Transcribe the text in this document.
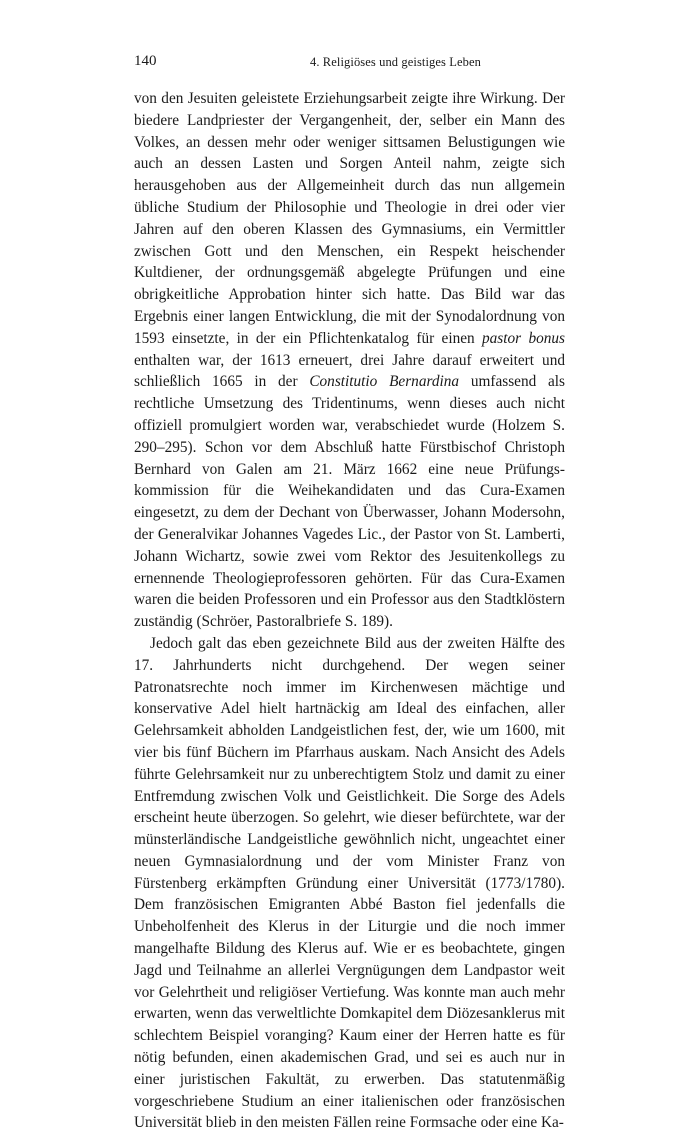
140	4. Religiöses und geistiges Leben

von den Jesuiten geleistete Erziehungsarbeit zeigte ihre Wirkung. Der biedere Landpriester der Vergangenheit, der, selber ein Mann des Volkes, an dessen mehr oder weniger sittsamen Belustigungen wie auch an dessen Lasten und Sorgen Anteil nahm, zeigte sich herausgehoben aus der Allgemeinheit durch das nun allgemein übliche Studium der Philosophie und Theologie in drei oder vier Jahren auf den oberen Klassen des Gymnasiums, ein Vermittler zwischen Gott und den Menschen, ein Respekt heischender Kultdiener, der ordnungsgemäß abgelegte Prüfungen und eine obrigkeitliche Approbation hinter sich hatte. Das Bild war das Ergebnis einer langen Entwicklung, die mit der Synodalordnung von 1593 einsetzte, in der ein Pflichtenkatalog für einen pastor bonus enthalten war, der 1613 erneuert, drei Jahre darauf erweitert und schließlich 1665 in der Constitutio Bernardina umfassend als rechtliche Umsetzung des Tridentinums, wenn dieses auch nicht offiziell promulgiert worden war, verabschiedet wurde (Holzem S. 290–295). Schon vor dem Abschluß hatte Fürstbischof Christoph Bernhard von Galen am 21. März 1662 eine neue Prüfungskommission für die Weihekandidaten und das Cura-Examen eingesetzt, zu dem der Dechant von Überwasser, Johann Modersohn, der Generalvikar Johannes Vagedes Lic., der Pastor von St. Lamberti, Johann Wichartz, sowie zwei vom Rektor des Jesuitenkollegs zu ernennende Theologieprofessoren gehörten. Für das Cura-Examen waren die beiden Professoren und ein Professor aus den Stadtklöstern zuständig (Schröer, Pastoralbriefe S. 189).

Jedoch galt das eben gezeichnete Bild aus der zweiten Hälfte des 17. Jahrhunderts nicht durchgehend. Der wegen seiner Patronatsrechte noch immer im Kirchenwesen mächtige und konservative Adel hielt hartnäckig am Ideal des einfachen, aller Gelehrsamkeit abholden Landgeistlichen fest, der, wie um 1600, mit vier bis fünf Büchern im Pfarrhaus auskam. Nach Ansicht des Adels führte Gelehrsamkeit nur zu unberechtigtem Stolz und damit zu einer Entfremdung zwischen Volk und Geistlichkeit. Die Sorge des Adels erscheint heute überzogen. So gelehrt, wie dieser befürchtete, war der münsterländische Landgeistliche gewöhnlich nicht, ungeachtet einer neuen Gymnasialordnung und der vom Minister Franz von Fürstenberg erkämpften Gründung einer Universität (1773/1780). Dem französischen Emigranten Abbé Baston fiel jedenfalls die Unbeholfenheit des Klerus in der Liturgie und die noch immer mangelhafte Bildung des Klerus auf. Wie er es beobachtete, gingen Jagd und Teilnahme an allerlei Vergnügungen dem Landpastor weit vor Gelehrtheit und religiöser Vertiefung. Was konnte man auch mehr erwarten, wenn das verweltlichte Domkapitel dem Diözesanklerus mit schlechtem Beispiel voranging? Kaum einer der Herren hatte es für nötig befunden, einen akademischen Grad, und sei es auch nur in einer juristischen Fakultät, zu erwerben. Das statutenmäßig vorgeschriebene Studium an einer italienischen oder französischen Universität blieb in den meisten Fällen reine Formsache oder eine Ka-
